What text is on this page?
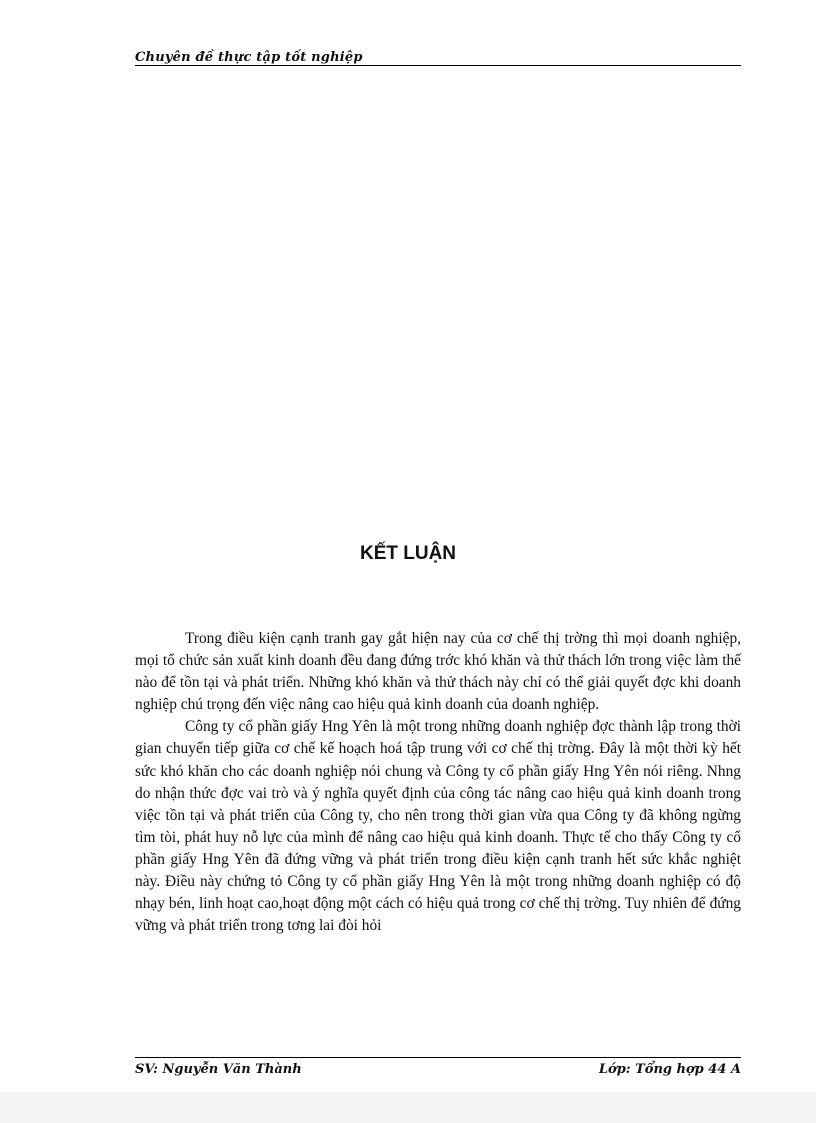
Chuyên đề thực tập tốt nghiệp
KẾT LUẬN

Trong điều kiện cạnh tranh gay gắt hiện nay của cơ chế thị trờng thì mọi doanh nghiệp, mọi tổ chức sản xuất kinh doanh đều đang đứng trớc khó khăn và thử thách lớn trong việc làm thế nào để tồn tại và phát triển. Những khó khăn và thử thách này chỉ có thể giải quyết đợc khi doanh nghiệp chú trọng đến việc nâng cao hiệu quả kinh doanh của doanh nghiệp.

Công ty cổ phần giấy Hng Yên là một trong những doanh nghiệp đợc thành lập trong thời gian chuyển tiếp giữa cơ chế kế hoạch hoá tập trung với cơ chế thị trờng. Đây là một thời kỳ hết sức khó khăn cho các doanh nghiệp nói chung và Công ty cổ phần giấy Hng Yên nói riêng. Nhng do nhận thức đợc vai trò và ý nghĩa quyết định của công tác nâng cao hiệu quả kinh doanh trong việc tồn tại và phát triển của Công ty, cho nên trong thời gian vừa qua Công ty đã không ngừng tìm tòi, phát huy nỗ lực của mình để nâng cao hiệu quả kinh doanh. Thực tế cho thấy Công ty cổ phần giấy Hng Yên đã đứng vững và phát triển trong điều kiện cạnh tranh hết sức khắc nghiệt này. Điều này chứng tỏ Công ty cổ phần giấy Hng Yên là một trong những doanh nghiệp có độ nhạy bén, linh hoạt cao,hoạt động một cách có hiệu quả trong cơ chế thị trờng. Tuy nhiên để đứng vững và phát triển trong tơng lai đòi hỏi

SV: Nguyễn Văn Thành	Lớp: Tổng hợp 44 A
